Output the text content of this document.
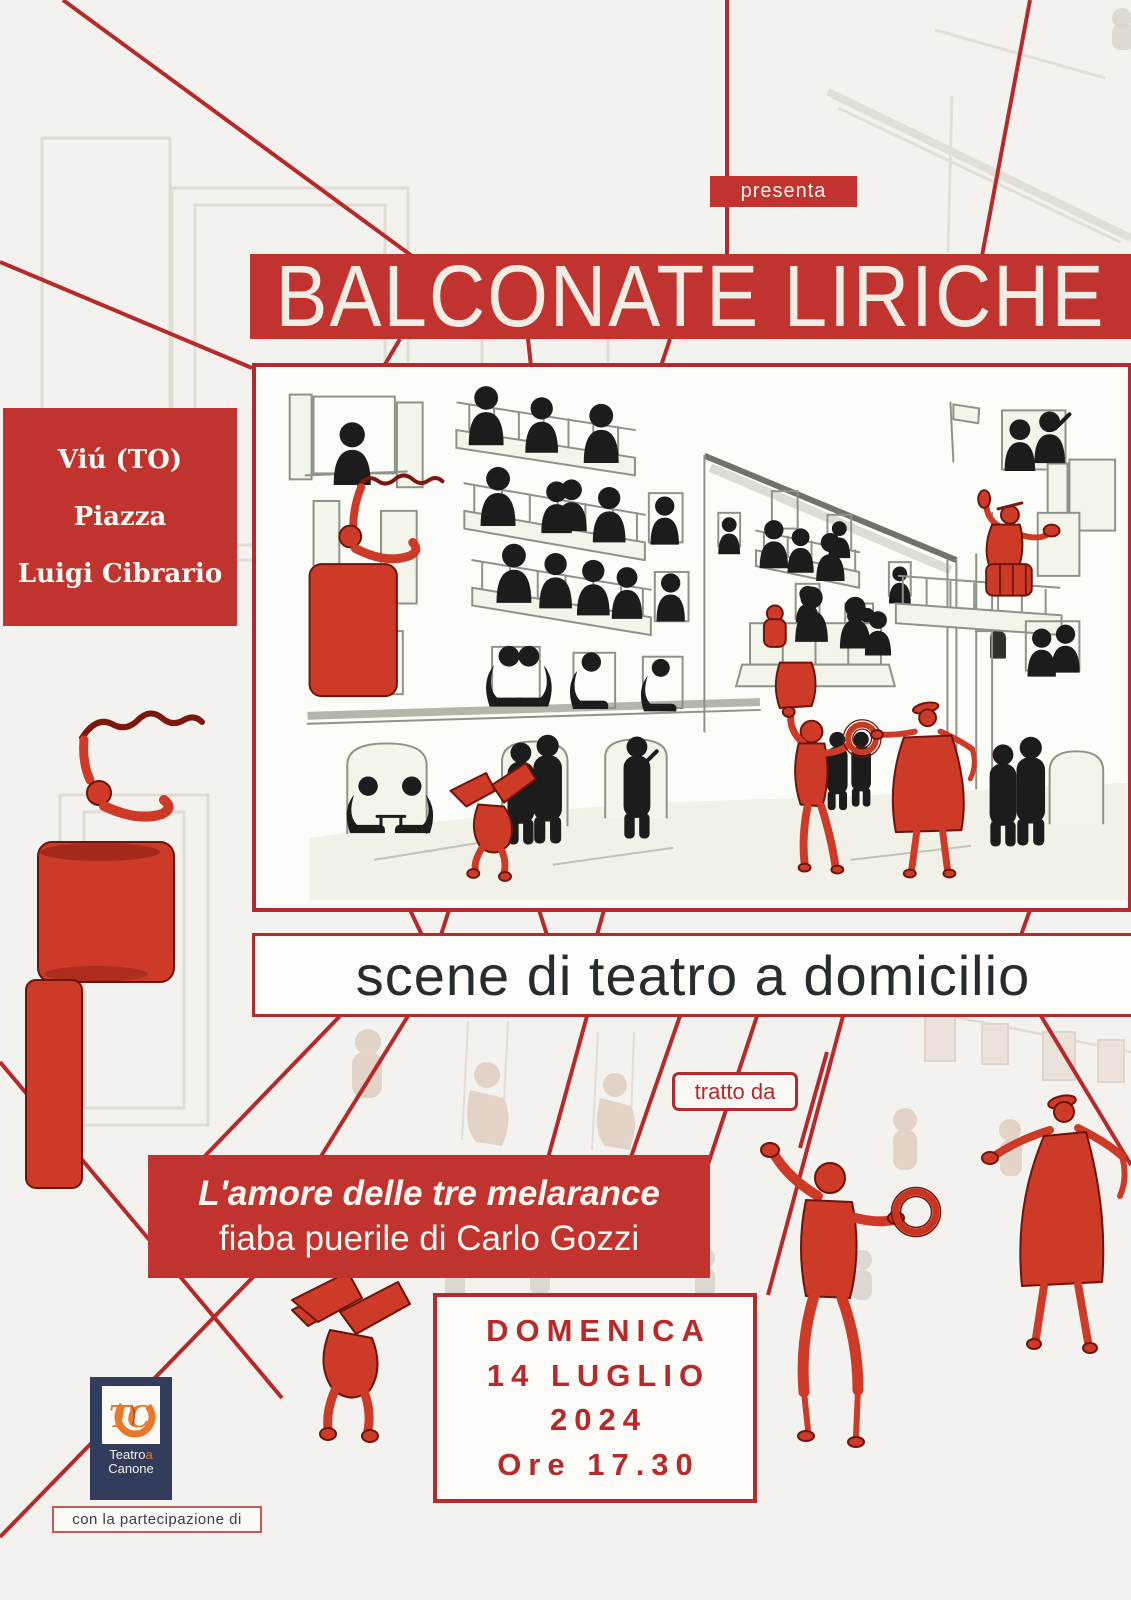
presenta
BALCONATE LIRICHE
Viú (TO)
Piazza
Luigi Cibrario
scene di teatro a domicilio
tratto da
L'amore delle tre melarance
fiaba puerile di Carlo Gozzi
DOMENICA
14 LUGLIO
2024
Ore 17.30
TC
Teatroa
Canone
con la partecipazione di
